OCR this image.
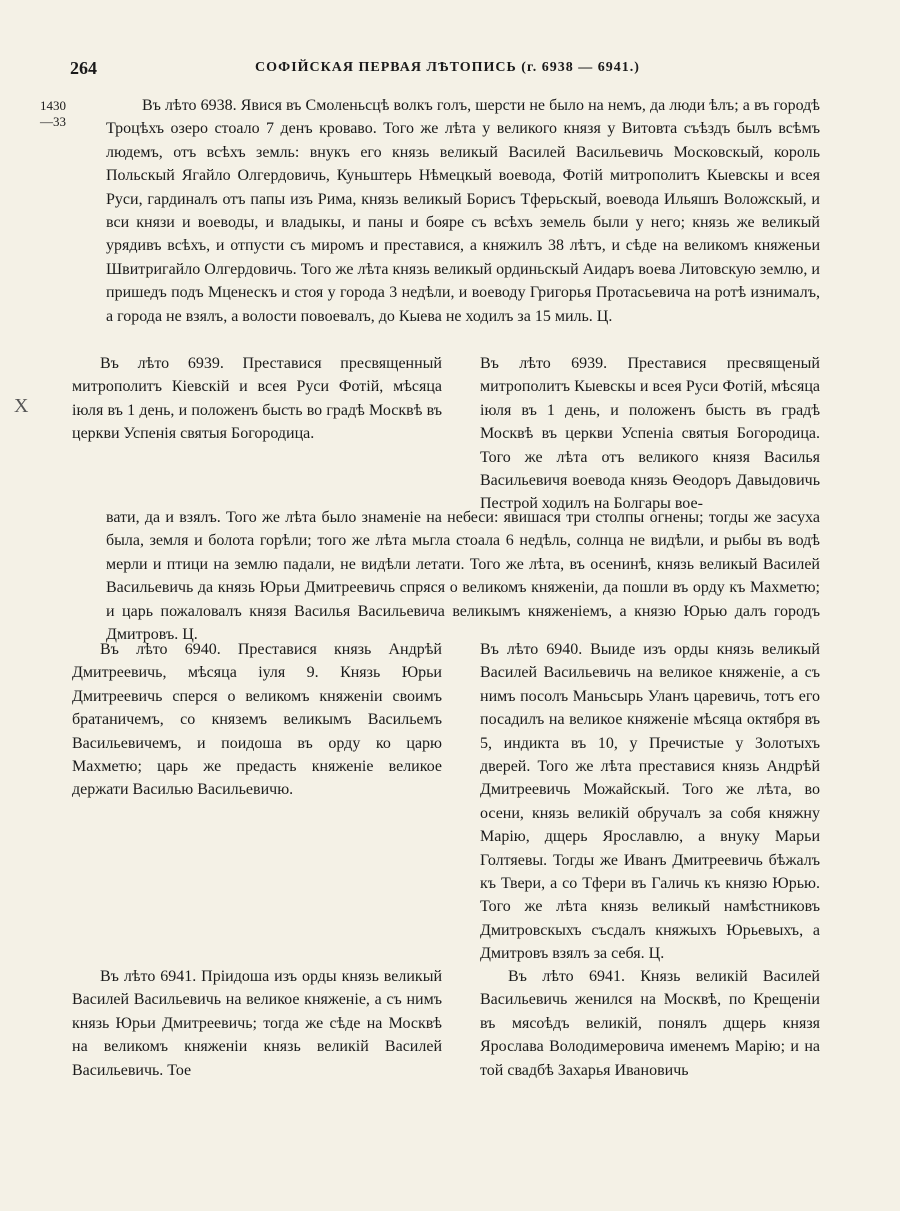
264	СОФІЙСКАЯ ПЕРВАЯ ЛѢТОПИСЬ (г. 6938 — 6941.)
1430
—33
X

Въ лѣто 6938. Явися въ Смоленьсцѣ волкъ голъ, шерсти не было на немъ, да люди ѣлъ; а въ городѣ Троцѣхъ озеро стоало 7 денъ кроваво. Того же лѣта у великого князя у Витовта съѣздъ былъ всѣмъ людемъ, отъ всѣхъ земль: внукъ его князь великый Василей Васильевичь Московскый, король Польскый Ягайло Олгердовичь, Куньштерь Нѣмецкый воевода, Фотій митрополитъ Кыевскы и всея Руси, гардиналъ отъ папы изъ Рима, князь великый Борисъ Тферьскый, воевода Ильяшъ Воложскый, и вси князи и воеводы, и владыкы, и паны и бояре съ всѣхъ земель были у него; князь же великый урядивъ всѣхъ, и отпусти съ миромъ и преставися, а княжилъ 38 лѣтъ, и сѣде на великомъ княженьи Швитригайло Олгердовичь. Того же лѣта князь великый ординьскый Аидаръ воева Литовскую землю, и пришедъ подъ Мценескъ и стоя у города 3 недѣли, и воеводу Григорья Протасьевича на ротѣ изнималъ, а города не взялъ, а волости повоевалъ, до Кыева не ходилъ за 15 миль. Ц.

Въ лѣто 6939. Преставися пресвященный митрополитъ Кіевскій и всея Руси Фотій, мѣсяца іюля въ 1 день, и положенъ бысть во градѣ Москвѣ въ церкви Успенія святыя Богородица.

Въ лѣто 6939. Преставися пресвященый митрополитъ Кыевскы и всея Руси Фотій, мѣсяца іюля въ 1 день, и положенъ бысть въ градѣ Москвѣ въ церкви Успеніа святыя Богородица. Того же лѣта отъ великого князя Василья Васильевичя воевода князь Ѳеодоръ Давыдовичь Пестрой ходилъ на Болгары вое-

вати, да и взялъ. Того же лѣта было знаменіе на небеси: явишася три столпы огнены; тогды же засуха была, земля и болота горѣли; того же лѣта мьгла стоала 6 недѣль, солнца не видѣли, и рыбы въ водѣ мерли и птици на землю падали, не видѣли летати. Того же лѣта, въ осенинѣ, князь великый Василей Васильевичь да князь Юрьи Дмитреевичь спряся о великомъ княженіи, да пошли въ орду къ Махметю; и царь пожаловалъ князя Василья Васильевича великымъ княженіемъ, а князю Юрью далъ городъ Дмитровъ. Ц.

Въ лѣто 6940. Преставися князь Андрѣй Дмитреевичь, мѣсяца іуля 9. Князь Юрьи Дмитреевичь сперся о великомъ княженіи своимъ братаничемъ, со княземъ великымъ Васильемъ Васильевичемъ, и поидоша въ орду ко царю Махметю; царь же предасть княженіе великое держати Василью Васильевичю.

Въ лѣто 6940. Выиде изъ орды князь великый Василей Васильевичь на великое княженіе, а съ нимъ посолъ Маньсырь Уланъ царевичь, тотъ его посадилъ на великое княженіе мѣсяца октября въ 5, индикта въ 10, у Пречистые у Золотыхъ дверей. Того же лѣта преставися князь Андрѣй Дмитреевичь Можайскый. Того же лѣта, во осени, князь великій обручалъ за собя княжну Марію, дщерь Ярославлю, а внуку Марьи Голтяевы. Тогды же Иванъ Дмитреевичь бѣжалъ къ Твери, а со Тфери въ Галичь къ князю Юрью. Того же лѣта князь великый намѣстниковъ Дмитровскыхъ съсдалъ княжыхъ Юрьевыхъ, а Дмитровъ взялъ за себя. Ц.

Въ лѣто 6941. Пріидоша изъ орды князь великый Василей Васильевичь на великое княженіе, а съ нимъ князь Юрьи Дмитреевичь; тогда же сѣде на Москвѣ на великомъ княженіи князь великій Василей Васильевичь. Тое

Въ лѣто 6941. Князь великій Василей Васильевичь женился на Москвѣ, по Крещеніи въ мясоѣдъ великій, понялъ дщерь князя Ярослава Володимеровича именемъ Марію; и на той свадбѣ Захарья Ивановичь
